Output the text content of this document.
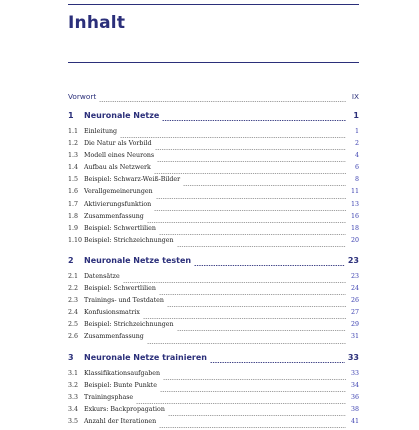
Inhalt
Vorwort	IX
1	Neuronale Netze	1
1.1 Einleitung	1
1.2 Die Natur als Vorbild	2
1.3 Modell eines Neurons	4
1.4 Aufbau als Netzwerk	6
1.5 Beispiel: Schwarz-Weiß-Bilder	8
1.6 Verallgemeinerungen	11
1.7 Aktivierungsfunktion	13
1.8 Zusammenfassung	16
1.9 Beispiel: Schwertlilien	18
1.10 Beispiel: Strichzeichnungen	20
2	Neuronale Netze testen	23
2.1 Datensätze	23
2.2 Beispiel: Schwertlilien	24
2.3 Trainings- und Testdaten	26
2.4 Konfusionsmatrix	27
2.5 Beispiel: Strichzeichnungen	29
2.6 Zusammenfassung	31
3	Neuronale Netze trainieren	33
3.1 Klassifikationsaufgaben	33
3.2 Beispiel: Bunte Punkte	34
3.3 Trainingsphase	36
3.4 Exkurs: Backpropagation	38
3.5 Anzahl der Iterationen	41
